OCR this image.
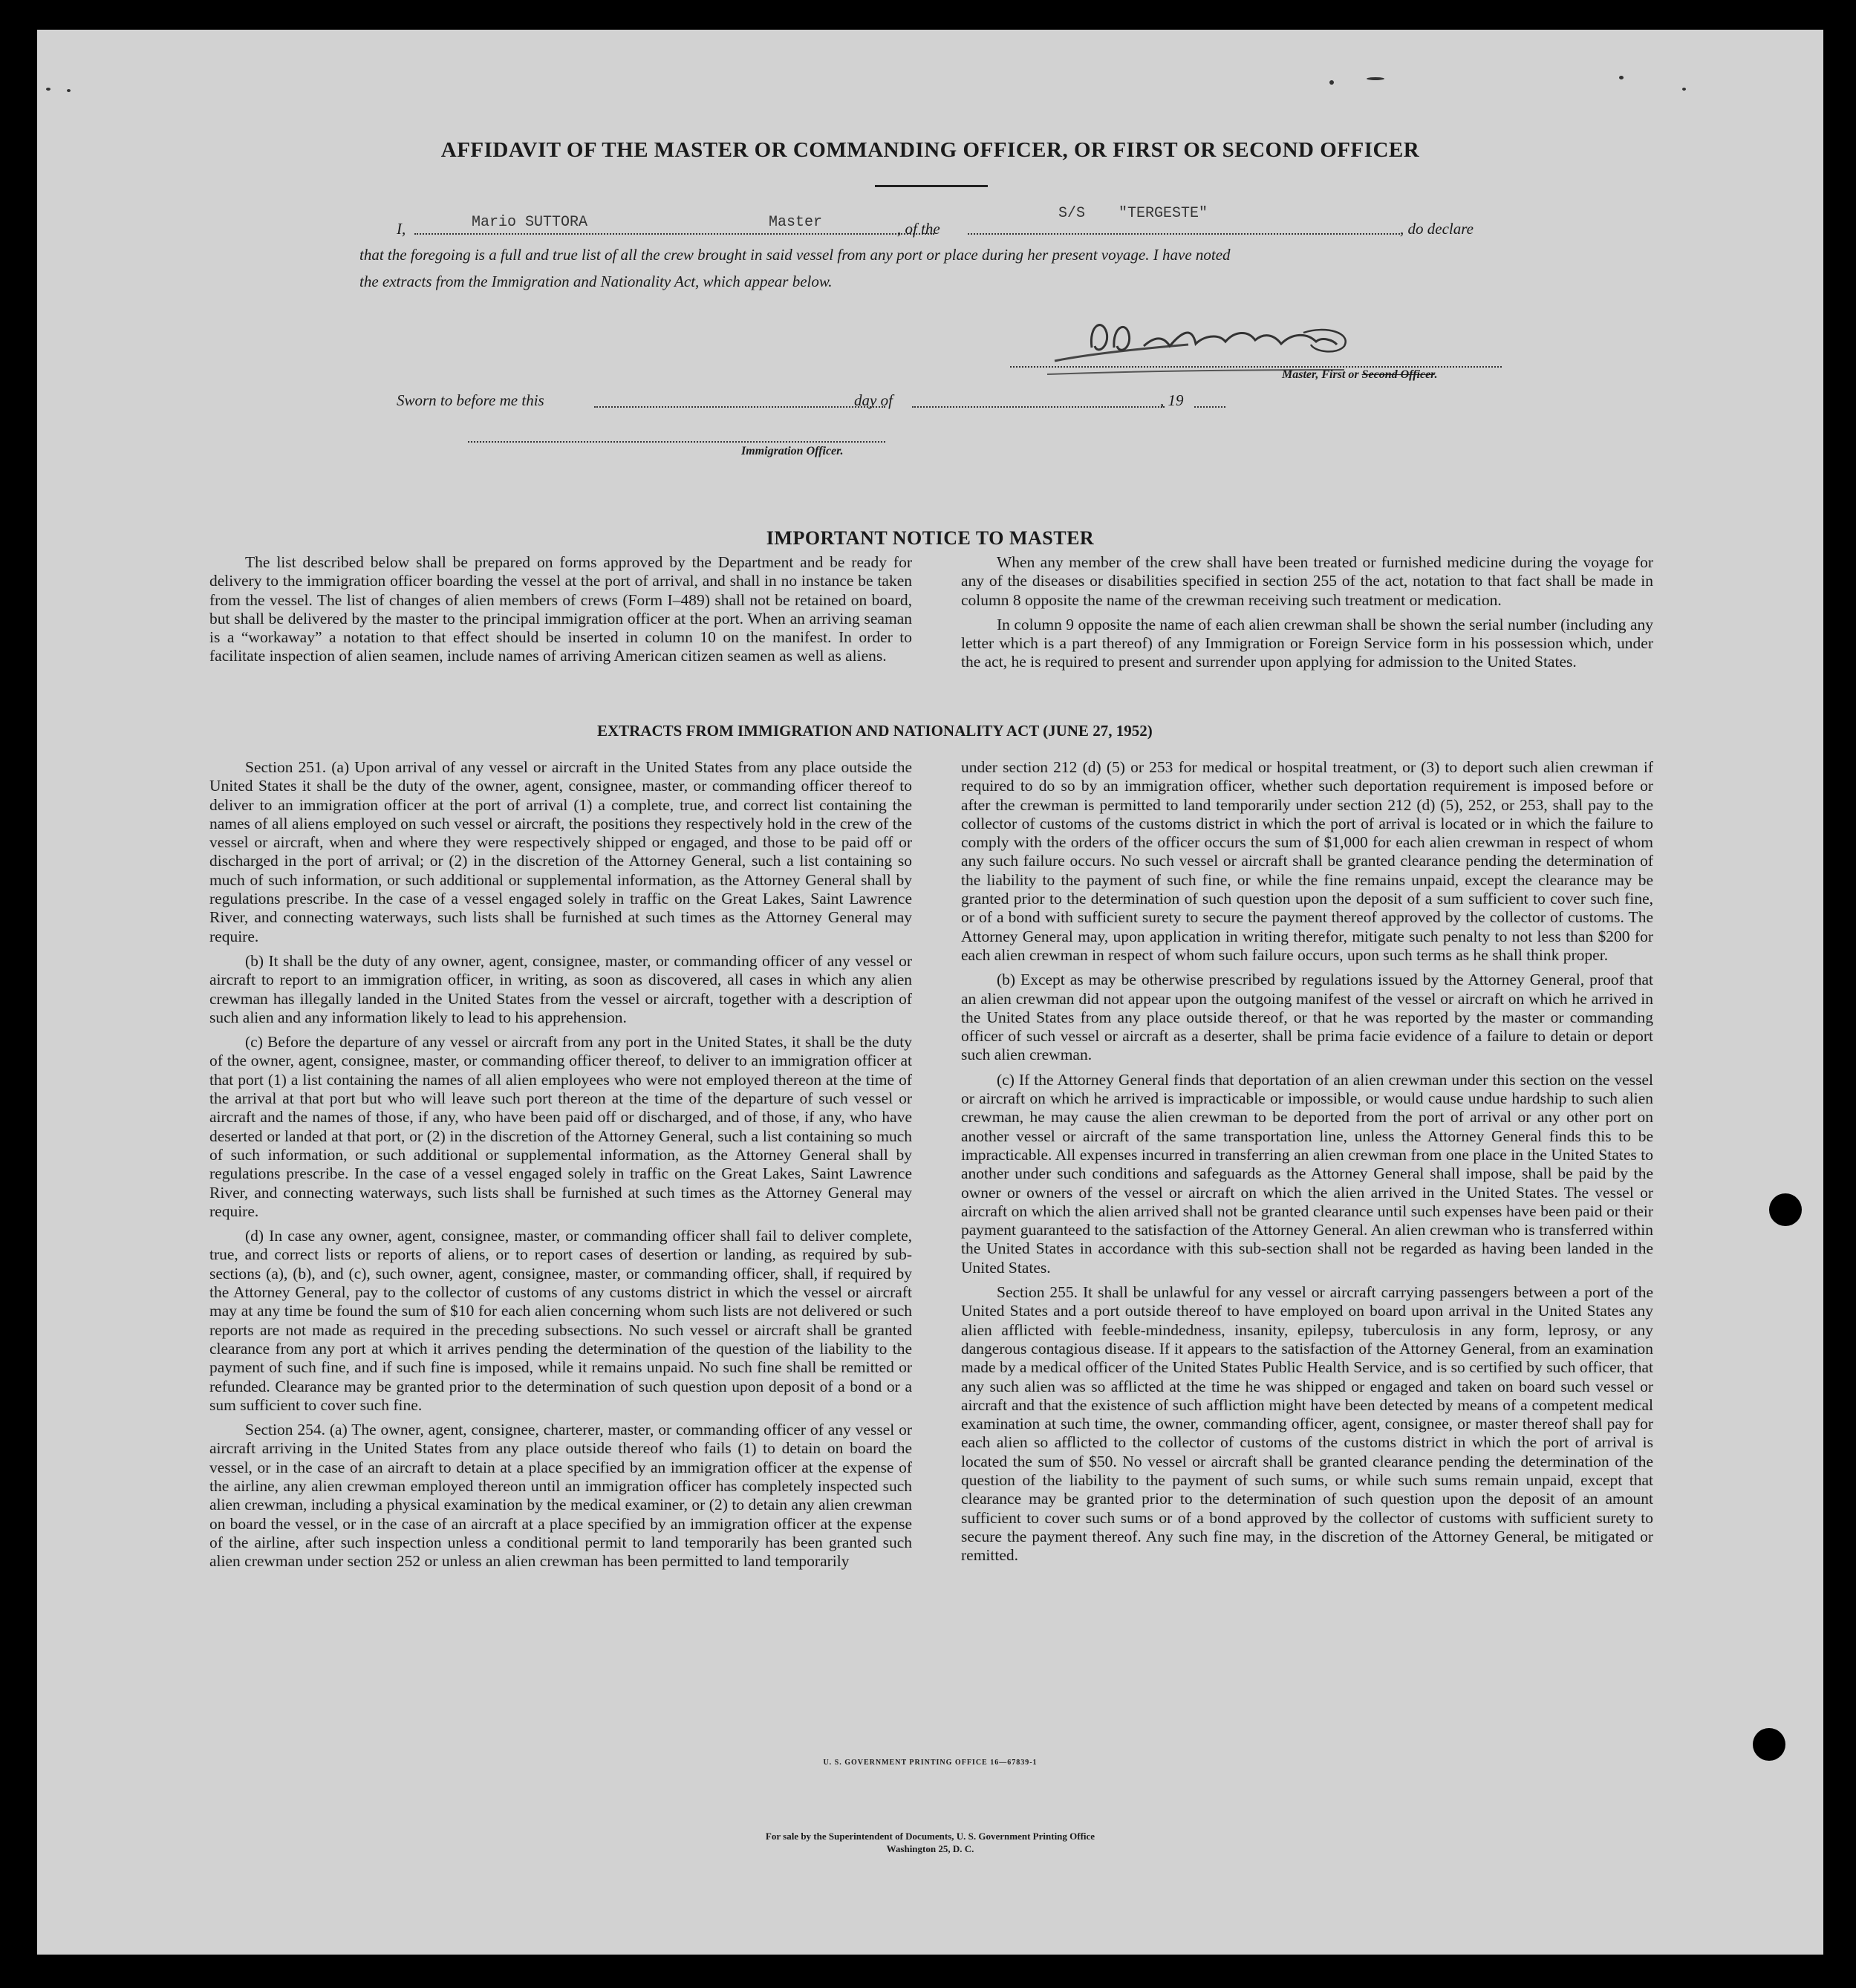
AFFIDAVIT OF THE MASTER OR COMMANDING OFFICER, OR FIRST OR SECOND OFFICER
I,	Mario SUTTORA	Master	, of the
S/S "TERGESTE"
, do declare
that the foregoing is a full and true list of all the crew brought in said vessel from any port or place during her present voyage. I have noted
the extracts from the Immigration and Nationality Act, which appear below.
Master, First or Second Officer.
Sworn to before me this	day of	, 19
Immigration Officer.
IMPORTANT NOTICE TO MASTER

The list described below shall be prepared on forms approved by the Department and be ready for delivery to the immigration officer boarding the vessel at the port of arrival, and shall in no instance be taken from the vessel. The list of changes of alien members of crews (Form I–489) shall not be retained on board, but shall be delivered by the master to the principal immigration officer at the port. When an arriving seaman is a “workaway” a notation to that effect should be inserted in column 10 on the manifest. In order to facilitate inspection of alien seamen, include names of arriving American citizen seamen as well as aliens.

When any member of the crew shall have been treated or furnished medicine during the voyage for any of the diseases or disabilities specified in section 255 of the act, notation to that fact shall be made in column 8 opposite the name of the crewman receiving such treatment or medication.

In column 9 opposite the name of each alien crewman shall be shown the serial number (including any letter which is a part thereof) of any Immigration or Foreign Service form in his possession which, under the act, he is required to present and surrender upon applying for admission to the United States.

EXTRACTS FROM IMMIGRATION AND NATIONALITY ACT (JUNE 27, 1952)

Section 251. (a) Upon arrival of any vessel or aircraft in the United States from any place outside the United States it shall be the duty of the owner, agent, consignee, master, or commanding officer thereof to deliver to an immigration officer at the port of arrival (1) a complete, true, and correct list containing the names of all aliens employed on such vessel or aircraft, the positions they respectively hold in the crew of the vessel or aircraft, when and where they were respectively shipped or engaged, and those to be paid off or discharged in the port of arrival; or (2) in the discretion of the Attorney General, such a list containing so much of such information, or such additional or supplemental information, as the Attorney General shall by regulations prescribe. In the case of a vessel engaged solely in traffic on the Great Lakes, Saint Lawrence River, and connecting waterways, such lists shall be furnished at such times as the Attorney General may require.

(b) It shall be the duty of any owner, agent, consignee, master, or commanding officer of any vessel or aircraft to report to an immigration officer, in writing, as soon as discovered, all cases in which any alien crewman has illegally landed in the United States from the vessel or aircraft, together with a description of such alien and any information likely to lead to his apprehension.

(c) Before the departure of any vessel or aircraft from any port in the United States, it shall be the duty of the owner, agent, consignee, master, or commanding officer thereof, to deliver to an immigration officer at that port (1) a list containing the names of all alien employees who were not employed thereon at the time of the arrival at that port but who will leave such port thereon at the time of the departure of such vessel or aircraft and the names of those, if any, who have been paid off or discharged, and of those, if any, who have deserted or landed at that port, or (2) in the discretion of the Attorney General, such a list containing so much of such information, or such additional or supplemental information, as the Attorney General shall by regulations prescribe. In the case of a vessel engaged solely in traffic on the Great Lakes, Saint Lawrence River, and connecting waterways, such lists shall be furnished at such times as the Attorney General may require.

(d) In case any owner, agent, consignee, master, or commanding officer shall fail to deliver complete, true, and correct lists or reports of aliens, or to report cases of desertion or landing, as required by sub-sections (a), (b), and (c), such owner, agent, consignee, master, or commanding officer, shall, if required by the Attorney General, pay to the collector of customs of any customs district in which the vessel or aircraft may at any time be found the sum of $10 for each alien concerning whom such lists are not delivered or such reports are not made as required in the preceding subsections. No such vessel or aircraft shall be granted clearance from any port at which it arrives pending the determination of the question of the liability to the payment of such fine, and if such fine is imposed, while it remains unpaid. No such fine shall be remitted or refunded. Clearance may be granted prior to the determination of such question upon deposit of a bond or a sum sufficient to cover such fine.

Section 254. (a) The owner, agent, consignee, charterer, master, or commanding officer of any vessel or aircraft arriving in the United States from any place outside thereof who fails (1) to detain on board the vessel, or in the case of an aircraft to detain at a place specified by an immigration officer at the expense of the airline, any alien crewman employed thereon until an immigration officer has completely inspected such alien crewman, including a physical examination by the medical examiner, or (2) to detain any alien crewman on board the vessel, or in the case of an aircraft at a place specified by an immigration officer at the expense of the airline, after such inspection unless a conditional permit to land temporarily has been granted such alien crewman under section 252 or unless an alien crewman has been permitted to land temporarily

under section 212 (d) (5) or 253 for medical or hospital treatment, or (3) to deport such alien crewman if required to do so by an immigration officer, whether such deportation requirement is imposed before or after the crewman is permitted to land temporarily under section 212 (d) (5), 252, or 253, shall pay to the collector of customs of the customs district in which the port of arrival is located or in which the failure to comply with the orders of the officer occurs the sum of $1,000 for each alien crewman in respect of whom any such failure occurs. No such vessel or aircraft shall be granted clearance pending the determination of the liability to the payment of such fine, or while the fine remains unpaid, except the clearance may be granted prior to the determination of such question upon the deposit of a sum sufficient to cover such fine, or of a bond with sufficient surety to secure the payment thereof approved by the collector of customs. The Attorney General may, upon application in writing therefor, mitigate such penalty to not less than $200 for each alien crewman in respect of whom such failure occurs, upon such terms as he shall think proper.

(b) Except as may be otherwise prescribed by regulations issued by the Attorney General, proof that an alien crewman did not appear upon the outgoing manifest of the vessel or aircraft on which he arrived in the United States from any place outside thereof, or that he was reported by the master or commanding officer of such vessel or aircraft as a deserter, shall be prima facie evidence of a failure to detain or deport such alien crewman.

(c) If the Attorney General finds that deportation of an alien crewman under this section on the vessel or aircraft on which he arrived is impracticable or impossible, or would cause undue hardship to such alien crewman, he may cause the alien crewman to be deported from the port of arrival or any other port on another vessel or aircraft of the same transportation line, unless the Attorney General finds this to be impracticable. All expenses incurred in transferring an alien crewman from one place in the United States to another under such conditions and safeguards as the Attorney General shall impose, shall be paid by the owner or owners of the vessel or aircraft on which the alien arrived in the United States. The vessel or aircraft on which the alien arrived shall not be granted clearance until such expenses have been paid or their payment guaranteed to the satisfaction of the Attorney General. An alien crewman who is transferred within the United States in accordance with this sub-section shall not be regarded as having been landed in the United States.

Section 255. It shall be unlawful for any vessel or aircraft carrying passengers between a port of the United States and a port outside thereof to have employed on board upon arrival in the United States any alien afflicted with feeble-mindedness, insanity, epilepsy, tuberculosis in any form, leprosy, or any dangerous contagious disease. If it appears to the satisfaction of the Attorney General, from an examination made by a medical officer of the United States Public Health Service, and is so certified by such officer, that any such alien was so afflicted at the time he was shipped or engaged and taken on board such vessel or aircraft and that the existence of such affliction might have been detected by means of a competent medical examination at such time, the owner, commanding officer, agent, consignee, or master thereof shall pay for each alien so afflicted to the collector of customs of the customs district in which the port of arrival is located the sum of $50. No vessel or aircraft shall be granted clearance pending the determination of the question of the liability to the payment of such sums, or while such sums remain unpaid, except that clearance may be granted prior to the determination of such question upon the deposit of an amount sufficient to cover such sums or of a bond approved by the collector of customs with sufficient surety to secure the payment thereof. Any such fine may, in the discretion of the Attorney General, be mitigated or remitted.

U. S. GOVERNMENT PRINTING OFFICE 16—67839-1
For sale by the Superintendent of Documents, U. S. Government Printing Office
Washington 25, D. C.
